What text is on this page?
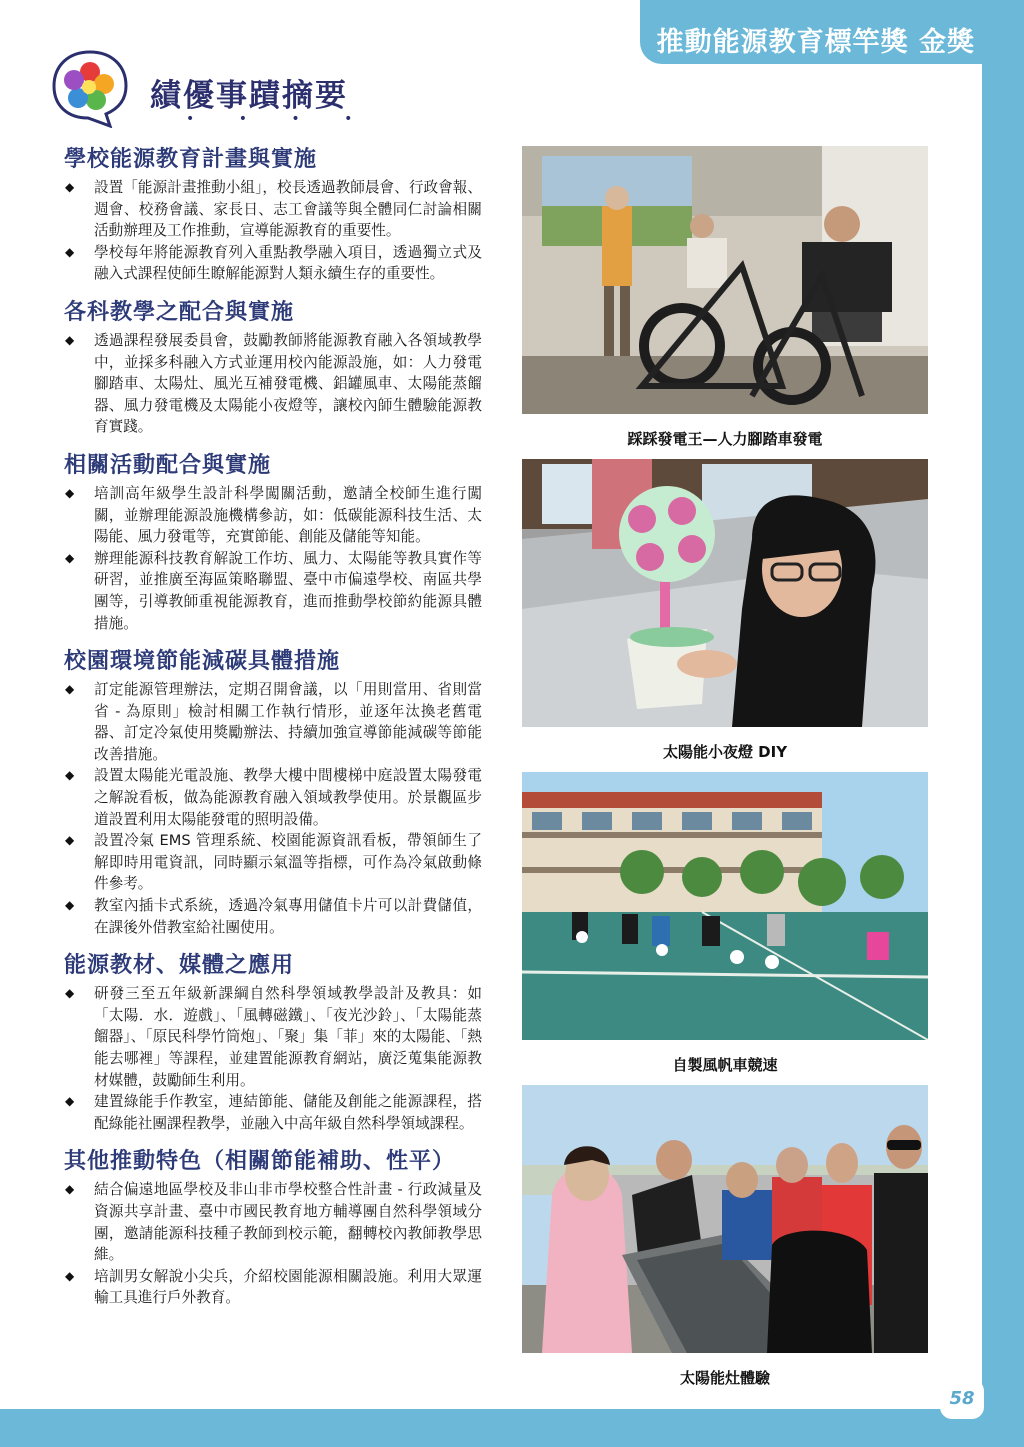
推動能源教育標竿獎 金獎
58
績優事蹟摘要
• • • •
學校能源教育計畫與實施
◆ 設置「能源計畫推動小組」，校長透過教師晨會、行政會報、週會、校務會議、家長日、志工會議等與全體同仁討論相關活動辦理及工作推動，宣導能源教育的重要性。
◆ 學校每年將能源教育列入重點教學融入項目，透過獨立式及融入式課程使師生瞭解能源對人類永續生存的重要性。
各科教學之配合與實施
◆ 透過課程發展委員會，鼓勵教師將能源教育融入各領域教學中，並採多科融入方式並運用校內能源設施，如：人力發電腳踏車、太陽灶、風光互補發電機、鋁罐風車、太陽能蒸餾器、風力發電機及太陽能小夜燈等，讓校內師生體驗能源教育實踐。
相關活動配合與實施
◆ 培訓高年級學生設計科學闖關活動，邀請全校師生進行闖關，並辦理能源設施機構參訪，如：低碳能源科技生活、太陽能、風力發電等，充實節能、創能及儲能等知能。
◆ 辦理能源科技教育解說工作坊、風力、太陽能等教具實作等研習，並推廣至海區策略聯盟、臺中市偏遠學校、南區共學團等，引導教師重視能源教育，進而推動學校節約能源具體措施。
校園環境節能減碳具體措施
◆ 訂定能源管理辦法，定期召開會議，以「用則當用、省則當省 - 為原則」檢討相關工作執行情形，並逐年汰換老舊電器、訂定冷氣使用獎勵辦法、持續加強宣導節能減碳等節能改善措施。
◆ 設置太陽能光電設施、教學大樓中間樓梯中庭設置太陽發電之解說看板，做為能源教育融入領域教學使用。於景觀區步道設置利用太陽能發電的照明設備。
◆ 設置冷氣 EMS 管理系統、校園能源資訊看板，帶領師生了解即時用電資訊，同時顯示氣溫等指標，可作為冷氣啟動條件參考。
◆ 教室內插卡式系統，透過冷氣專用儲值卡片可以計費儲值，在課後外借教室給社團使用。
能源教材、媒體之應用
◆ 研發三至五年級新課綱自然科學領域教學設計及教具：如「太陽．水．遊戲」、「風轉磁鐵」、「夜光沙鈴」、「太陽能蒸餾器」、「原民科學竹筒炮」、「聚」集「菲」來的太陽能、「熱能去哪裡」等課程，並建置能源教育網站，廣泛蒐集能源教材媒體，鼓勵師生利用。
◆ 建置綠能手作教室，連結節能、儲能及創能之能源課程，搭配綠能社團課程教學，並融入中高年級自然科學領域課程。
其他推動特色（相關節能補助、性平）
◆ 結合偏遠地區學校及非山非市學校整合性計畫 - 行政減量及資源共享計畫、臺中市國民教育地方輔導團自然科學領域分團，邀請能源科技種子教師到校示範，翻轉校內教師教學思維。
◆ 培訓男女解說小尖兵，介紹校園能源相關設施。利用大眾運輸工具進行戶外教育。
踩踩發電王—人力腳踏車發電
太陽能小夜燈 DIY
自製風帆車競速
太陽能灶體驗
